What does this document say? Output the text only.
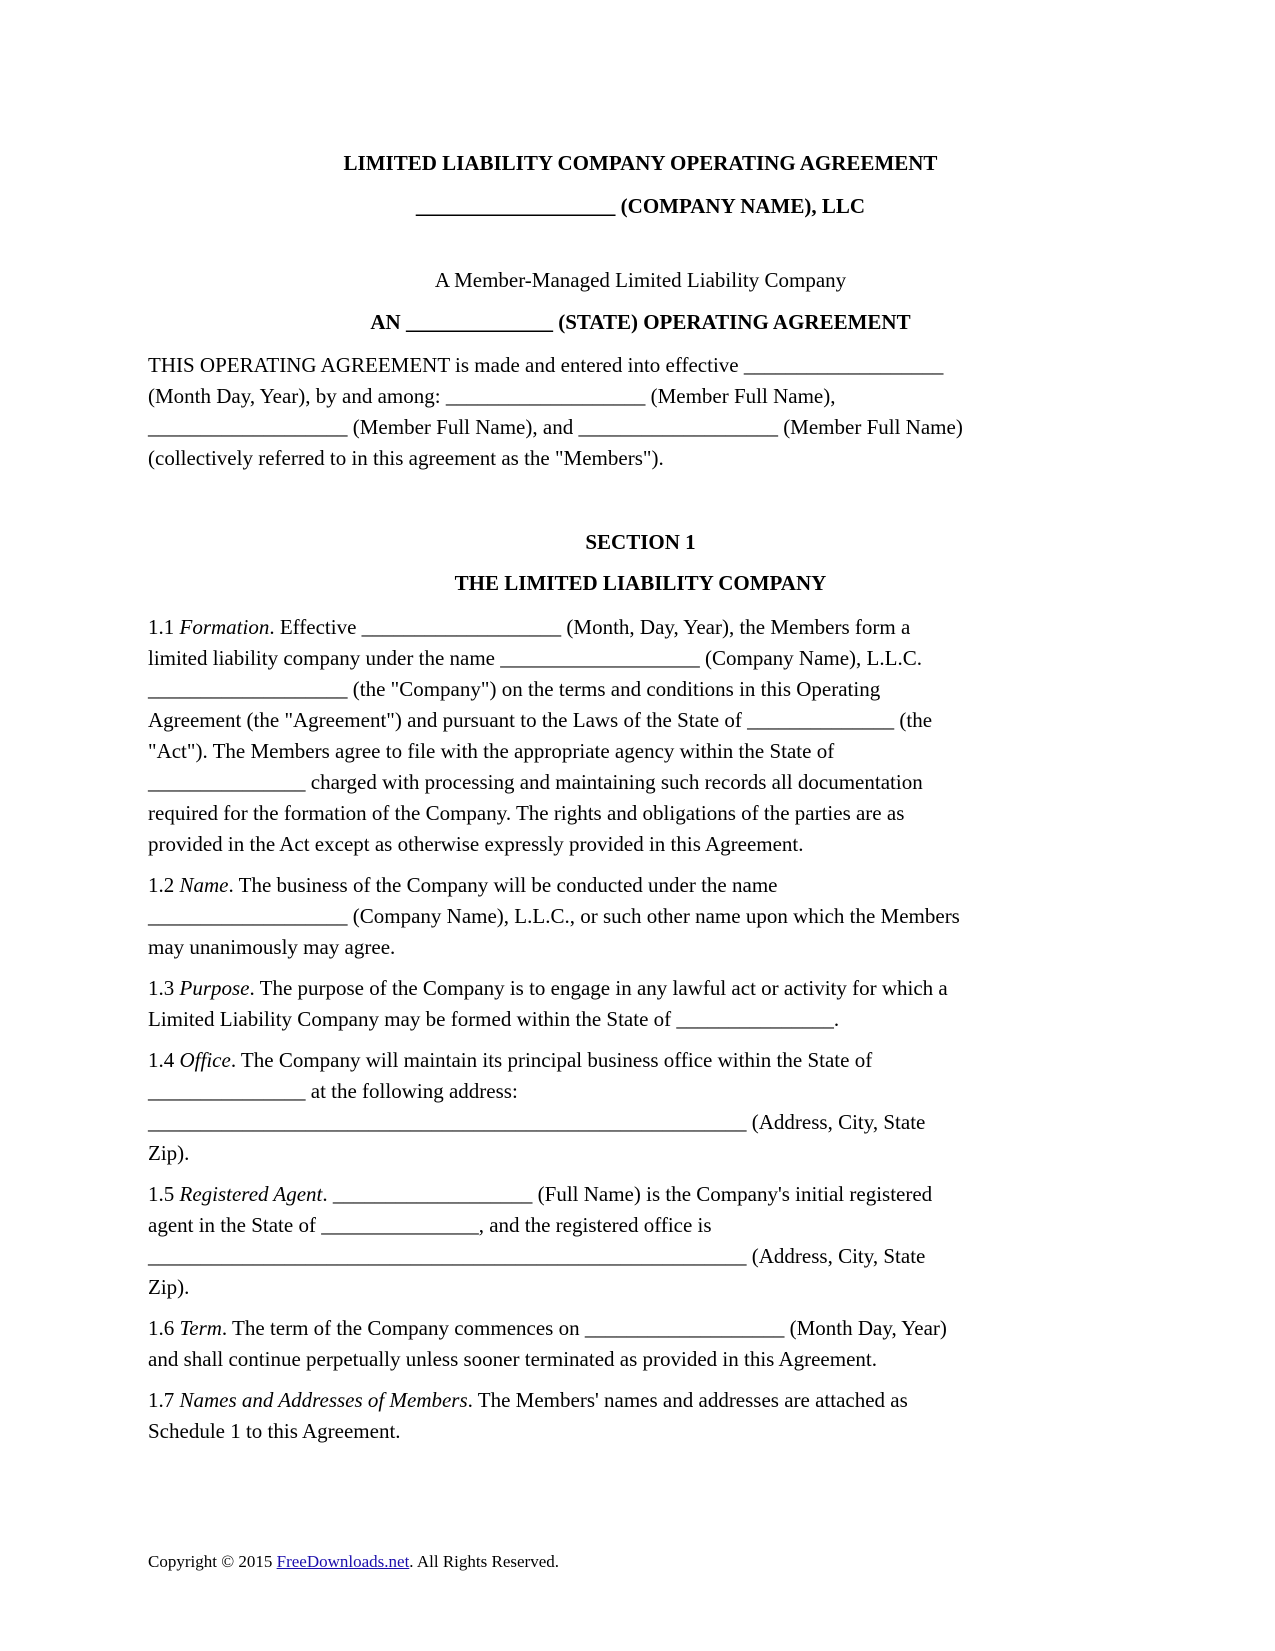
LIMITED LIABILITY COMPANY OPERATING AGREEMENT
___________________ (COMPANY NAME), LLC
A Member-Managed Limited Liability Company
AN ______________ (STATE) OPERATING AGREEMENT
THIS OPERATING AGREEMENT is made and entered into effective ___________________
(Month Day, Year), by and among: ___________________ (Member Full Name),
___________________ (Member Full Name), and ___________________ (Member Full Name)
(collectively referred to in this agreement as the "Members").
SECTION 1
THE LIMITED LIABILITY COMPANY
1.1 Formation. Effective ___________________ (Month, Day, Year), the Members form a
limited liability company under the name ___________________ (Company Name), L.L.C.
___________________ (the "Company") on the terms and conditions in this Operating
Agreement (the "Agreement") and pursuant to the Laws of the State of ______________ (the
"Act"). The Members agree to file with the appropriate agency within the State of
_______________ charged with processing and maintaining such records all documentation
required for the formation of the Company. The rights and obligations of the parties are as
provided in the Act except as otherwise expressly provided in this Agreement.
1.2 Name. The business of the Company will be conducted under the name
___________________ (Company Name), L.L.C., or such other name upon which the Members
may unanimously may agree.
1.3 Purpose. The purpose of the Company is to engage in any lawful act or activity for which a
Limited Liability Company may be formed within the State of _______________.
1.4 Office. The Company will maintain its principal business office within the State of
_______________ at the following address:
_________________________________________________________ (Address, City, State
Zip).
1.5 Registered Agent. ___________________ (Full Name) is the Company's initial registered
agent in the State of _______________, and the registered office is
_________________________________________________________ (Address, City, State
Zip).
1.6 Term. The term of the Company commences on ___________________ (Month Day, Year)
and shall continue perpetually unless sooner terminated as provided in this Agreement.
1.7 Names and Addresses of Members. The Members' names and addresses are attached as
Schedule 1 to this Agreement.
Copyright © 2015 FreeDownloads.net. All Rights Reserved.
